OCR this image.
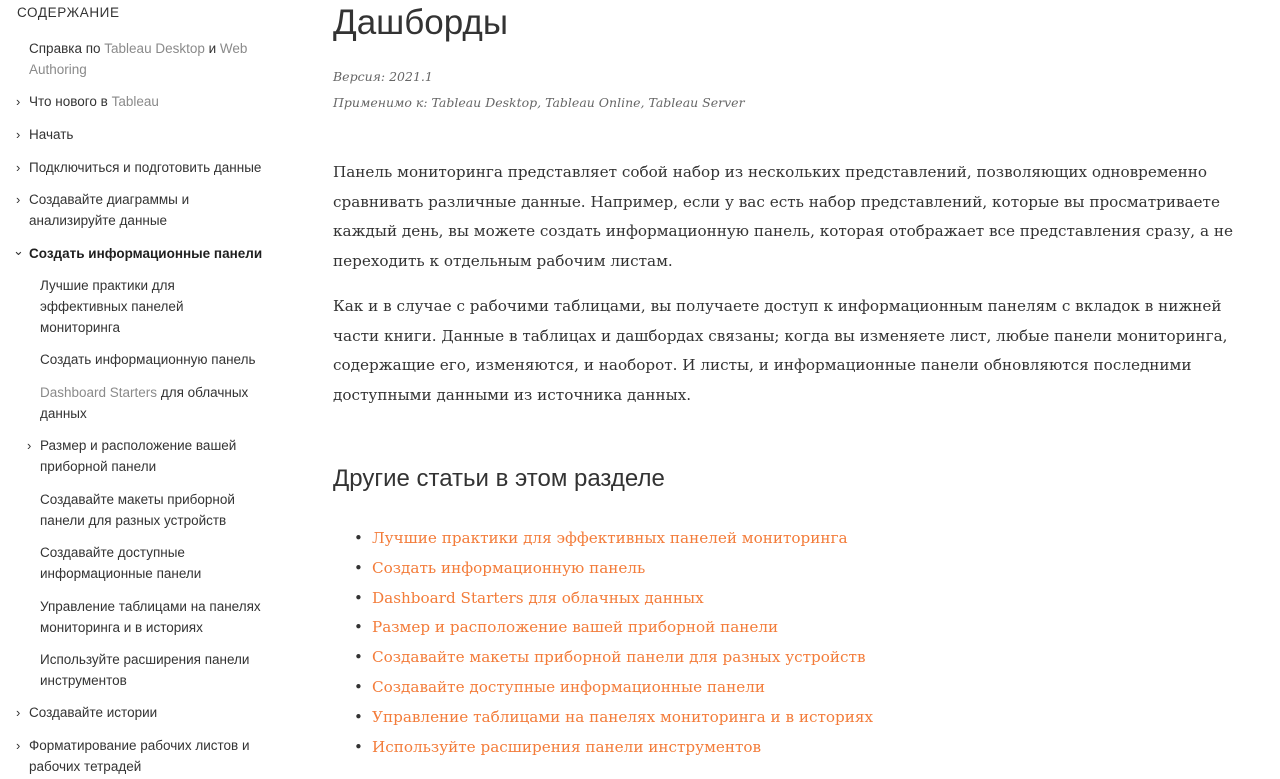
СОДЕРЖАНИЕ
Справка по Tableau Desktop и Web
Authoring
› Что нового в Tableau
› Начать
› Подключиться и подготовить данные
› Создавайте диаграммы и
анализируйте данные
⌄ Создать информационные панели
Лучшие практики для
эффективных панелей
мониторинга
Создать информационную панель
Dashboard Starters для облачных
данных
› Размер и расположение вашей
приборной панели
Создавайте макеты приборной
панели для разных устройств
Создавайте доступные
информационные панели
Управление таблицами на панелях
мониторинга и в историях
Используйте расширения панели
инструментов
› Создавайте истории
› Форматирование рабочих листов и
рабочих тетрадей
Дашборды
Версия: 2021.1
Применимо к: Tableau Desktop, Tableau Online, Tableau Server

Панель мониторинга представляет собой набор из нескольких представлений, позволяющих одновременно сравнивать различные данные. Например, если у вас есть набор представлений, которые вы просматриваете каждый день, вы можете создать информационную панель, которая отображает все представления сразу, а не переходить к отдельным рабочим листам.

Как и в случае с рабочими таблицами, вы получаете доступ к информационным панелям с вкладок в нижней части книги. Данные в таблицах и дашбордах связаны; когда вы изменяете лист, любые панели мониторинга, содержащие его, изменяются, и наоборот. И листы, и информационные панели обновляются последними доступными данными из источника данных.

Другие статьи в этом разделе
• Лучшие практики для эффективных панелей мониторинга
• Создать информационную панель
• Dashboard Starters для облачных данных
• Размер и расположение вашей приборной панели
• Создавайте макеты приборной панели для разных устройств
• Создавайте доступные информационные панели
• Управление таблицами на панелях мониторинга и в историях
• Используйте расширения панели инструментов
